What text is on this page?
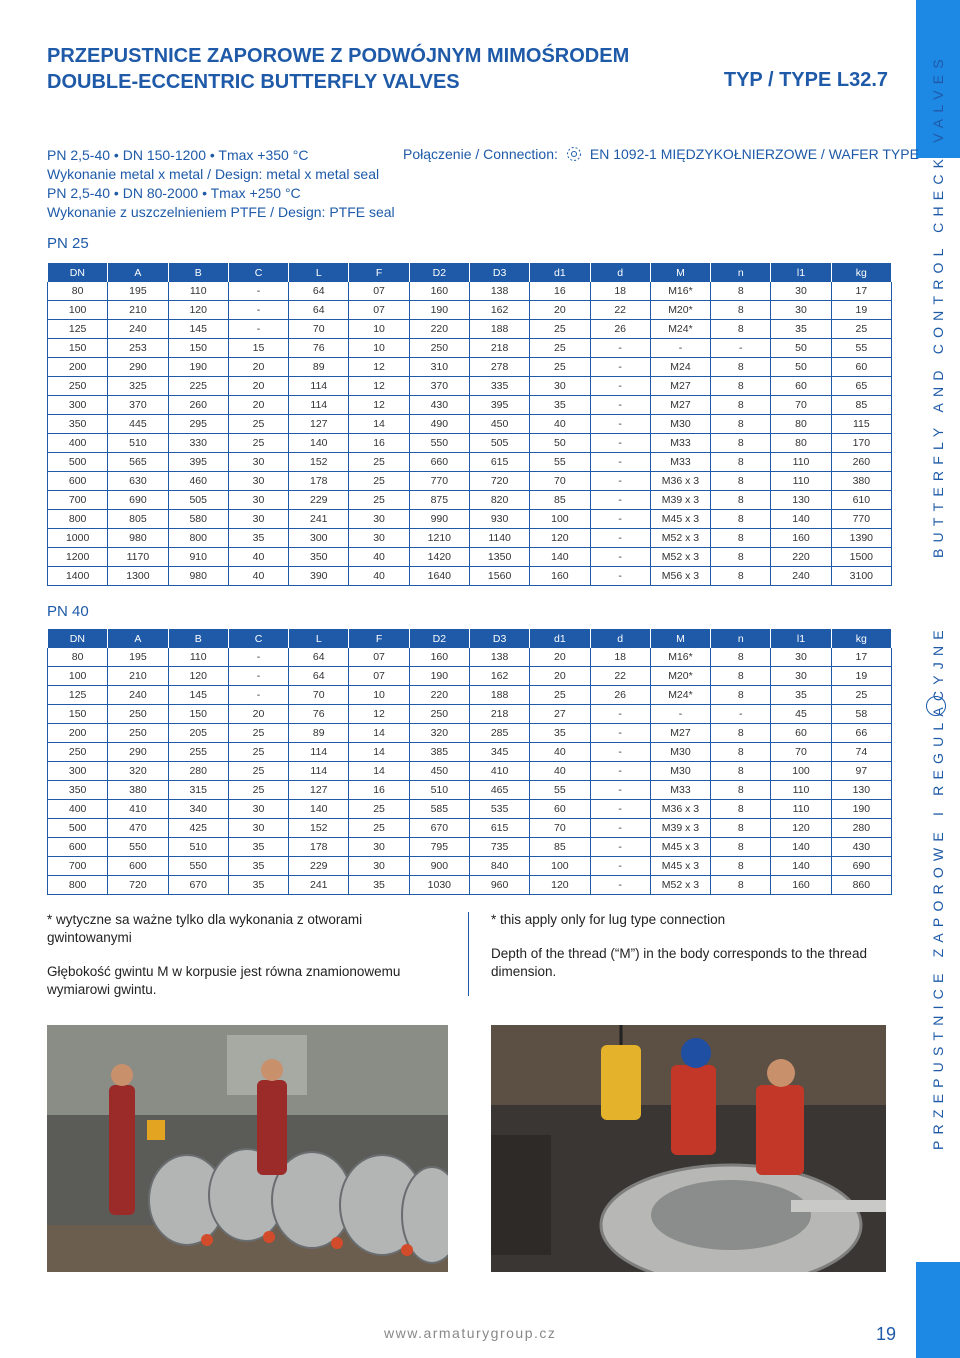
PRZEPUSTNICE ZAPOROWE Z PODWÓJNYM MIMOŚRODEM
DOUBLE-ECCENTRIC BUTTERFLY VALVES	TYP / TYPE L32.7
PRZEPUSTNICE ZAPOROWE I REGULACYJNE  BUTTERFLY AND CONTROL CHECK VALVES
PN 2,5-40 • DN 150-1200 • Tmax +350 °C
Wykonanie metal x metal / Design: metal x metal seal
PN 2,5-40 • DN 80-2000 • Tmax +250 °C
Wykonanie z uszczelnieniem PTFE / Design: PTFE seal
Połączenie / Connection: EN 1092-1 MIĘDZYKOŁNIERZOWE / WAFER TYPE
PN 25
DN	A	B	C	L	F	D2	D3	d1	d	M	n	l1	kg
80	195	110	-	64	07	160	138	16	18	M16*	8	30	17
100	210	120	-	64	07	190	162	20	22	M20*	8	30	19
125	240	145	-	70	10	220	188	25	26	M24*	8	35	25
150	253	150	15	76	10	250	218	25	-	-	-	50	55
200	290	190	20	89	12	310	278	25	-	M24	8	50	60
250	325	225	20	114	12	370	335	30	-	M27	8	60	65
300	370	260	20	114	12	430	395	35	-	M27	8	70	85
350	445	295	25	127	14	490	450	40	-	M30	8	80	115
400	510	330	25	140	16	550	505	50	-	M33	8	80	170
500	565	395	30	152	25	660	615	55	-	M33	8	110	260
600	630	460	30	178	25	770	720	70	-	M36 x 3	8	110	380
700	690	505	30	229	25	875	820	85	-	M39 x 3	8	130	610
800	805	580	30	241	30	990	930	100	-	M45 x 3	8	140	770
1000	980	800	35	300	30	1210	1140	120	-	M52 x 3	8	160	1390
1200	1170	910	40	350	40	1420	1350	140	-	M52 x 3	8	220	1500
1400	1300	980	40	390	40	1640	1560	160	-	M56 x 3	8	240	3100
PN 40
DN	A	B	C	L	F	D2	D3	d1	d	M	n	l1	kg
80	195	110	-	64	07	160	138	20	18	M16*	8	30	17
100	210	120	-	64	07	190	162	20	22	M20*	8	30	19
125	240	145	-	70	10	220	188	25	26	M24*	8	35	25
150	250	150	20	76	12	250	218	27	-	-	-	45	58
200	250	205	25	89	14	320	285	35	-	M27	8	60	66
250	290	255	25	114	14	385	345	40	-	M30	8	70	74
300	320	280	25	114	14	450	410	40	-	M30	8	100	97
350	380	315	25	127	16	510	465	55	-	M33	8	110	130
400	410	340	30	140	25	585	535	60	-	M36 x 3	8	110	190
500	470	425	30	152	25	670	615	70	-	M39 x 3	8	120	280
600	550	510	35	178	30	795	735	85	-	M45 x 3	8	140	430
700	600	550	35	229	30	900	840	100	-	M45 x 3	8	140	690
800	720	670	35	241	35	1030	960	120	-	M52 x 3	8	160	860
* wytyczne sa ważne tylko dla wykonania z otworami gwintowanymi
Głębokość gwintu M w korpusie jest równa znamionowemu wymiarowi gwintu.
* this apply only for lug type connection
Depth of the thread (“M”) in the body corresponds to the thread dimension.
www.armaturygroup.cz	19
